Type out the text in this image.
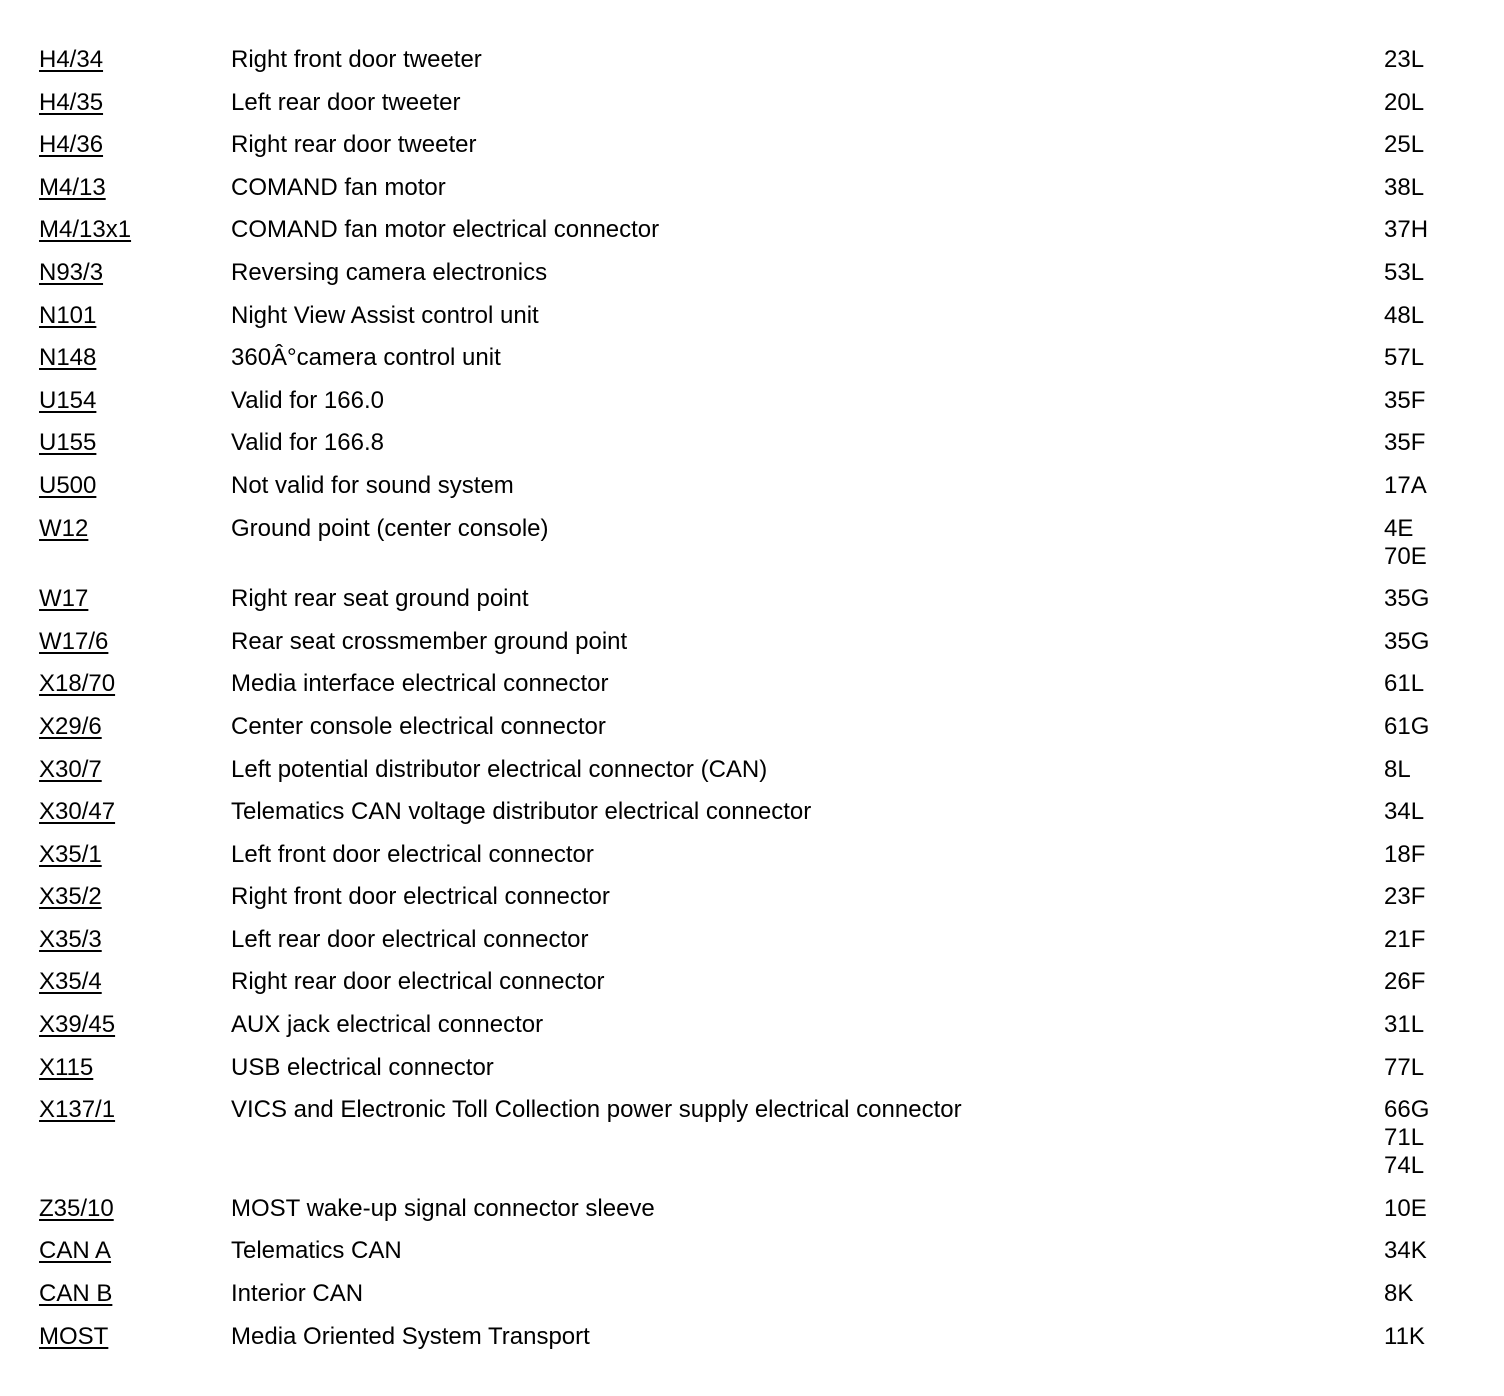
H4/34	Right front door tweeter	23L
H4/35	Left rear door tweeter	20L
H4/36	Right rear door tweeter	25L
M4/13	COMAND fan motor	38L
M4/13x1	COMAND fan motor electrical connector	37H
N93/3	Reversing camera electronics	53L
N101	Night View Assist control unit	48L
N148	360Â°camera control unit	57L
U154	Valid for 166.0	35F
U155	Valid for 166.8	35F
U500	Not valid for sound system	17A
W12	Ground point (center console)	4E
70E
W17	Right rear seat ground point	35G
W17/6	Rear seat crossmember ground point	35G
X18/70	Media interface electrical connector	61L
X29/6	Center console electrical connector	61G
X30/7	Left potential distributor electrical connector (CAN)	8L
X30/47	Telematics CAN voltage distributor electrical connector	34L
X35/1	Left front door electrical connector	18F
X35/2	Right front door electrical connector	23F
X35/3	Left rear door electrical connector	21F
X35/4	Right rear door electrical connector	26F
X39/45	AUX jack electrical connector	31L
X115	USB electrical connector	77L
X137/1	VICS and Electronic Toll Collection power supply electrical connector	66G
71L
74L
Z35/10	MOST wake-up signal connector sleeve	10E
CAN A	Telematics CAN	34K
CAN B	Interior CAN	8K
MOST	Media Oriented System Transport	11K
